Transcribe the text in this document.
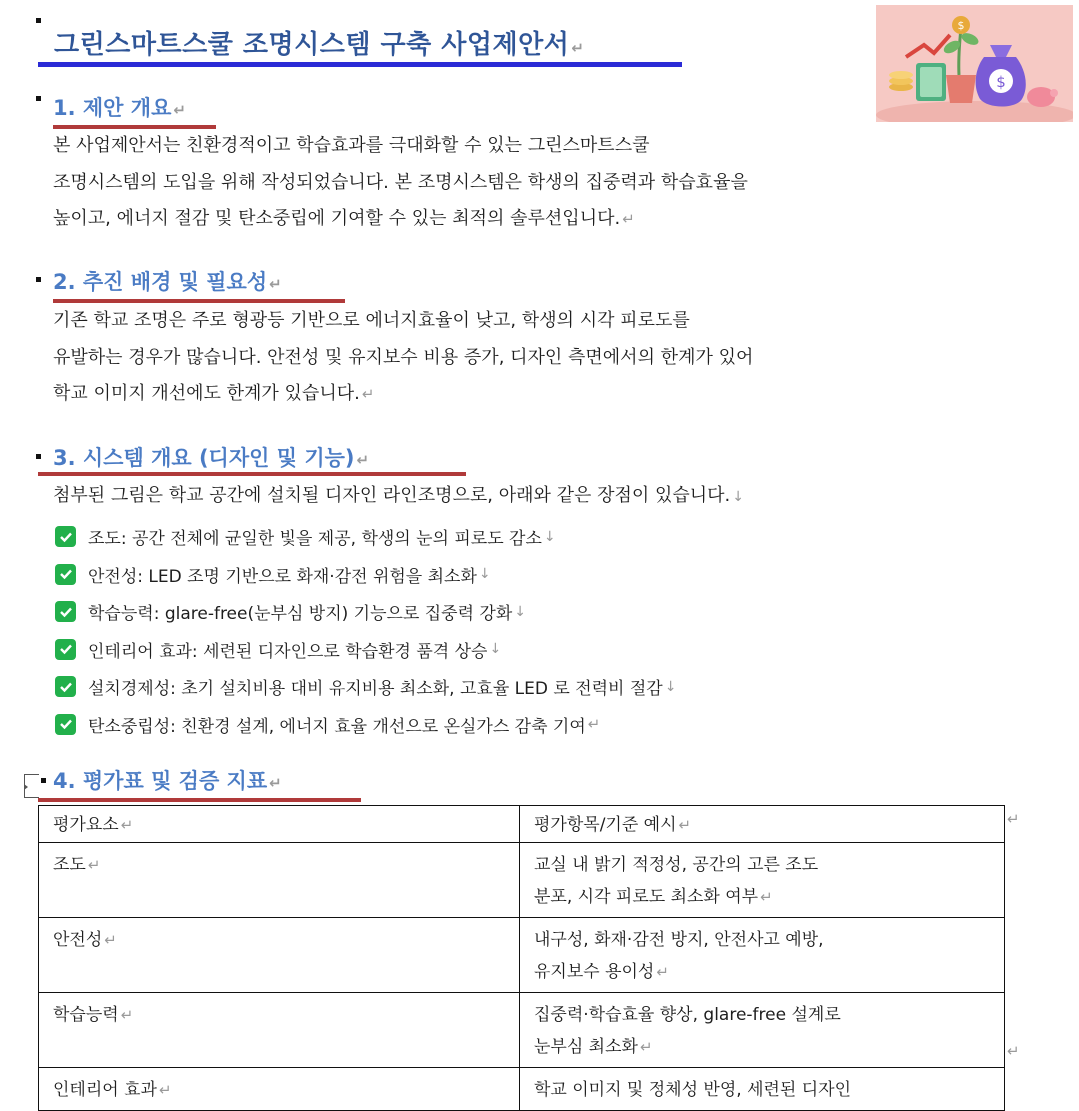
그린스마트스쿨 조명시스템 구축 사업제안서 ↵
$
$
1. 제안 개요 ↵
본 사업제안서는 친환경적이고 학습효과를 극대화할 수 있는 그린스마트스쿨
조명시스템의 도입을 위해 작성되었습니다. 본 조명시스템은 학생의 집중력과 학습효율을
높이고, 에너지 절감 및 탄소중립에 기여할 수 있는 최적의 솔루션입니다. ↵
2. 추진 배경 및 필요성 ↵
기존 학교 조명은 주로 형광등 기반으로 에너지효율이 낮고, 학생의 시각 피로도를
유발하는 경우가 많습니다. 안전성 및 유지보수 비용 증가, 디자인 측면에서의 한계가 있어
학교 이미지 개선에도 한계가 있습니다. ↵
3. 시스템 개요 (디자인 및 기능) ↵
첨부된 그림은 학교 공간에 설치될 디자인 라인조명으로, 아래와 같은 장점이 있습니다. ↓
조도: 공간 전체에 균일한 빛을 제공, 학생의 눈의 피로도 감소 ↓
안전성: LED 조명 기반으로 화재·감전 위험을 최소화 ↓
학습능력: glare-free(눈부심 방지) 기능으로 집중력 강화 ↓
인테리어 효과: 세련된 디자인으로 학습환경 품격 상승 ↓
설치경제성: 초기 설치비용 대비 유지비용 최소화, 고효율 LED 로 전력비 절감 ↓
탄소중립성: 친환경 설계, 에너지 효율 개선으로 온실가스 감축 기여 ↵
4. 평가표 및 검증 지표 ↵
평가요소 ↵	평가항목/기준 예시 ↵
조도 ↵	교실 내 밝기 적정성, 공간의 고른 조도
분포, 시각 피로도 최소화 여부 ↵

안전성 ↵	내구성, 화재·감전 방지, 안전사고 예방,
유지보수 용이성 ↵

학습능력 ↵	집중력·학습효율 향상, glare-free 설계로
눈부심 최소화 ↵

인테리어 효과 ↵	학교 이미지 및 정체성 반영, 세련된 디자인
↵
↵
